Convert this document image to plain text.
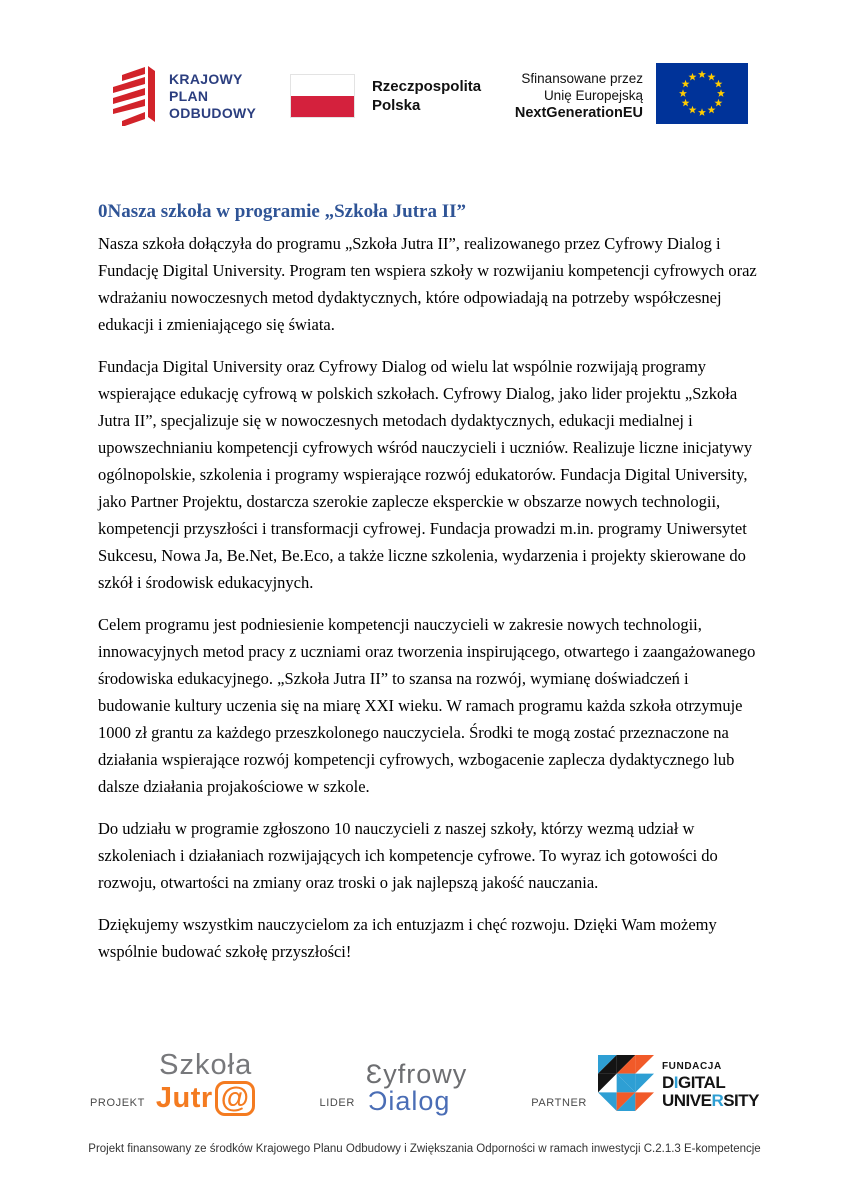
KRAJOWY
PLAN
ODBUDOWY
Rzeczpospolita
Polska
Sfinansowane przez
Unię Europejską
NextGenerationEU
0Nasza szkoła w programie „Szkoła Jutra II”

Nasza szkoła dołączyła do programu „Szkoła Jutra II”, realizowanego przez Cyfrowy Dialog i Fundację Digital University. Program ten wspiera szkoły w rozwijaniu kompetencji cyfrowych oraz wdrażaniu nowoczesnych metod dydaktycznych, które odpowiadają na potrzeby współczesnej edukacji i zmieniającego się świata.

Fundacja Digital University oraz Cyfrowy Dialog od wielu lat wspólnie rozwijają programy wspierające edukację cyfrową w polskich szkołach. Cyfrowy Dialog, jako lider projektu „Szkoła Jutra II”, specjalizuje się w nowoczesnych metodach dydaktycznych, edukacji medialnej i upowszechnianiu kompetencji cyfrowych wśród nauczycieli i uczniów. Realizuje liczne inicjatywy ogólnopolskie, szkolenia i programy wspierające rozwój edukatorów. Fundacja Digital University, jako Partner Projektu, dostarcza szerokie zaplecze eksperckie w obszarze nowych technologii, kompetencji przyszłości i transformacji cyfrowej. Fundacja prowadzi m.in. programy Uniwersytet Sukcesu, Nowa Ja, Be.Net, Be.Eco, a także liczne szkolenia, wydarzenia i projekty skierowane do szkół i środowisk edukacyjnych.

Celem programu jest podniesienie kompetencji nauczycieli w zakresie nowych technologii, innowacyjnych metod pracy z uczniami oraz tworzenia inspirującego, otwartego i zaangażowanego środowiska edukacyjnego. „Szkoła Jutra II” to szansa na rozwój, wymianę doświadczeń i budowanie kultury uczenia się na miarę XXI wieku. W ramach programu każda szkoła otrzymuje 1000 zł grantu za każdego przeszkolonego nauczyciela. Środki te mogą zostać przeznaczone na działania wspierające rozwój kompetencji cyfrowych, wzbogacenie zaplecza dydaktycznego lub dalsze działania projakościowe w szkole.

Do udziału w programie zgłoszono 10 nauczycieli z naszej szkoły, którzy wezmą udział w szkoleniach i działaniach rozwijających ich kompetencje cyfrowe. To wyraz ich gotowości do rozwoju, otwartości na zmiany oraz troski o jak najlepszą jakość nauczania.

Dziękujemy wszystkim nauczycielom za ich entuzjazm i chęć rozwoju. Dzięki Wam możemy wspólnie budować szkołę przyszłości!

PROJEKT
Szkoła
Jutr @	LIDER
Ɛyfrowy
Ɔialog	PARTNER
FUNDACJA
DIGITAL
UNIVERSITY
Projekt finansowany ze środków Krajowego Planu Odbudowy i Zwiększania Odporności w ramach inwestycji C.2.1.3 E-kompetencje
